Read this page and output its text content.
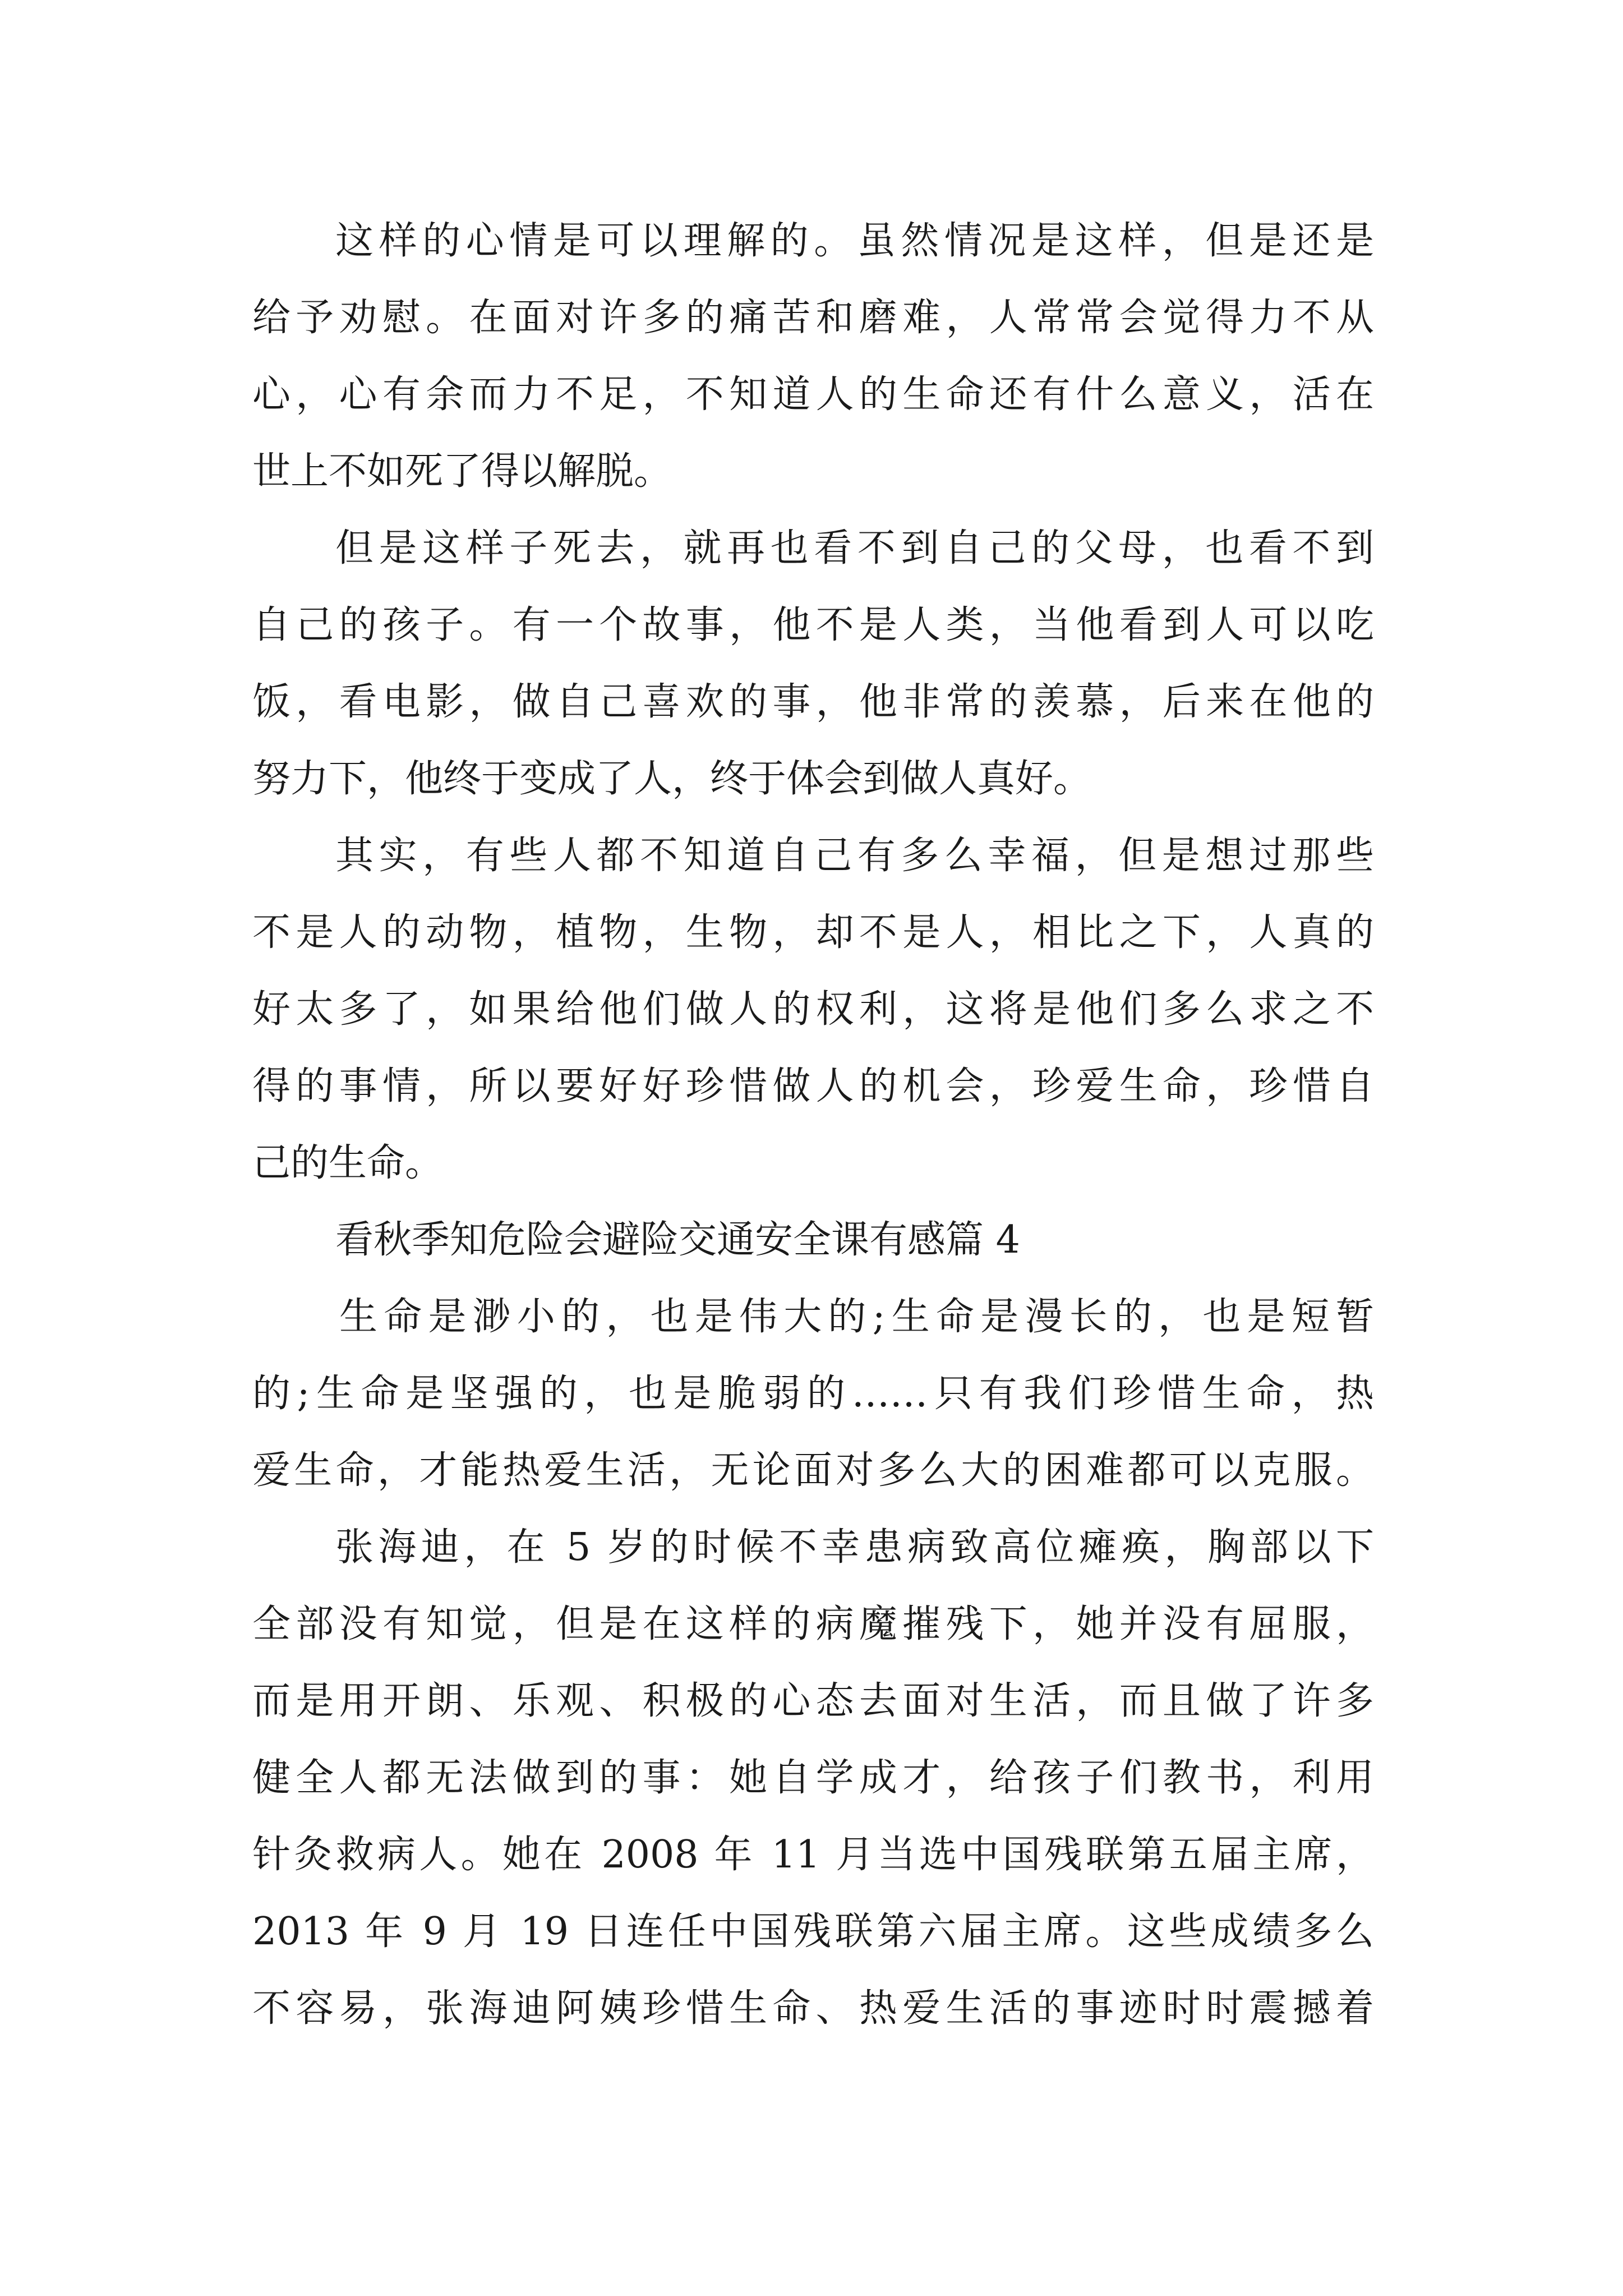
这样的心情是可以理解的。虽然情况是这样，但是还是
给予劝慰。在面对许多的痛苦和磨难，人常常会觉得力不从
心，心有余而力不足，不知道人的生命还有什么意义，活在
世上不如死了得以解脱。
但是这样子死去，就再也看不到自己的父母，也看不到
自己的孩子。有一个故事，他不是人类，当他看到人可以吃
饭，看电影，做自己喜欢的事，他非常的羡慕，后来在他的
努力下，他终于变成了人，终于体会到做人真好。
其实，有些人都不知道自己有多么幸福，但是想过那些
不是人的动物，植物，生物，却不是人，相比之下，人真的
好太多了，如果给他们做人的权利，这将是他们多么求之不
得的事情，所以要好好珍惜做人的机会，珍爱生命，珍惜自
己的生命。
看秋季知危险会避险交通安全课有感篇 4
生命是渺小的，也是伟大的;生命是漫长的，也是短暂
的;生命是坚强的，也是脆弱的……只有我们珍惜生命，热
爱生命，才能热爱生活，无论面对多么大的困难都可以克服。
张海迪，在 5 岁的时候不幸患病致高位瘫痪，胸部以下
全部没有知觉，但是在这样的病魔摧残下，她并没有屈服，
而是用开朗、乐观、积极的心态去面对生活，而且做了许多
健全人都无法做到的事：她自学成才，给孩子们教书，利用
针灸救病人。她在 2008 年 11 月当选中国残联第五届主席，
2013 年 9 月 19 日连任中国残联第六届主席。这些成绩多么
不容易，张海迪阿姨珍惜生命、热爱生活的事迹时时震撼着
